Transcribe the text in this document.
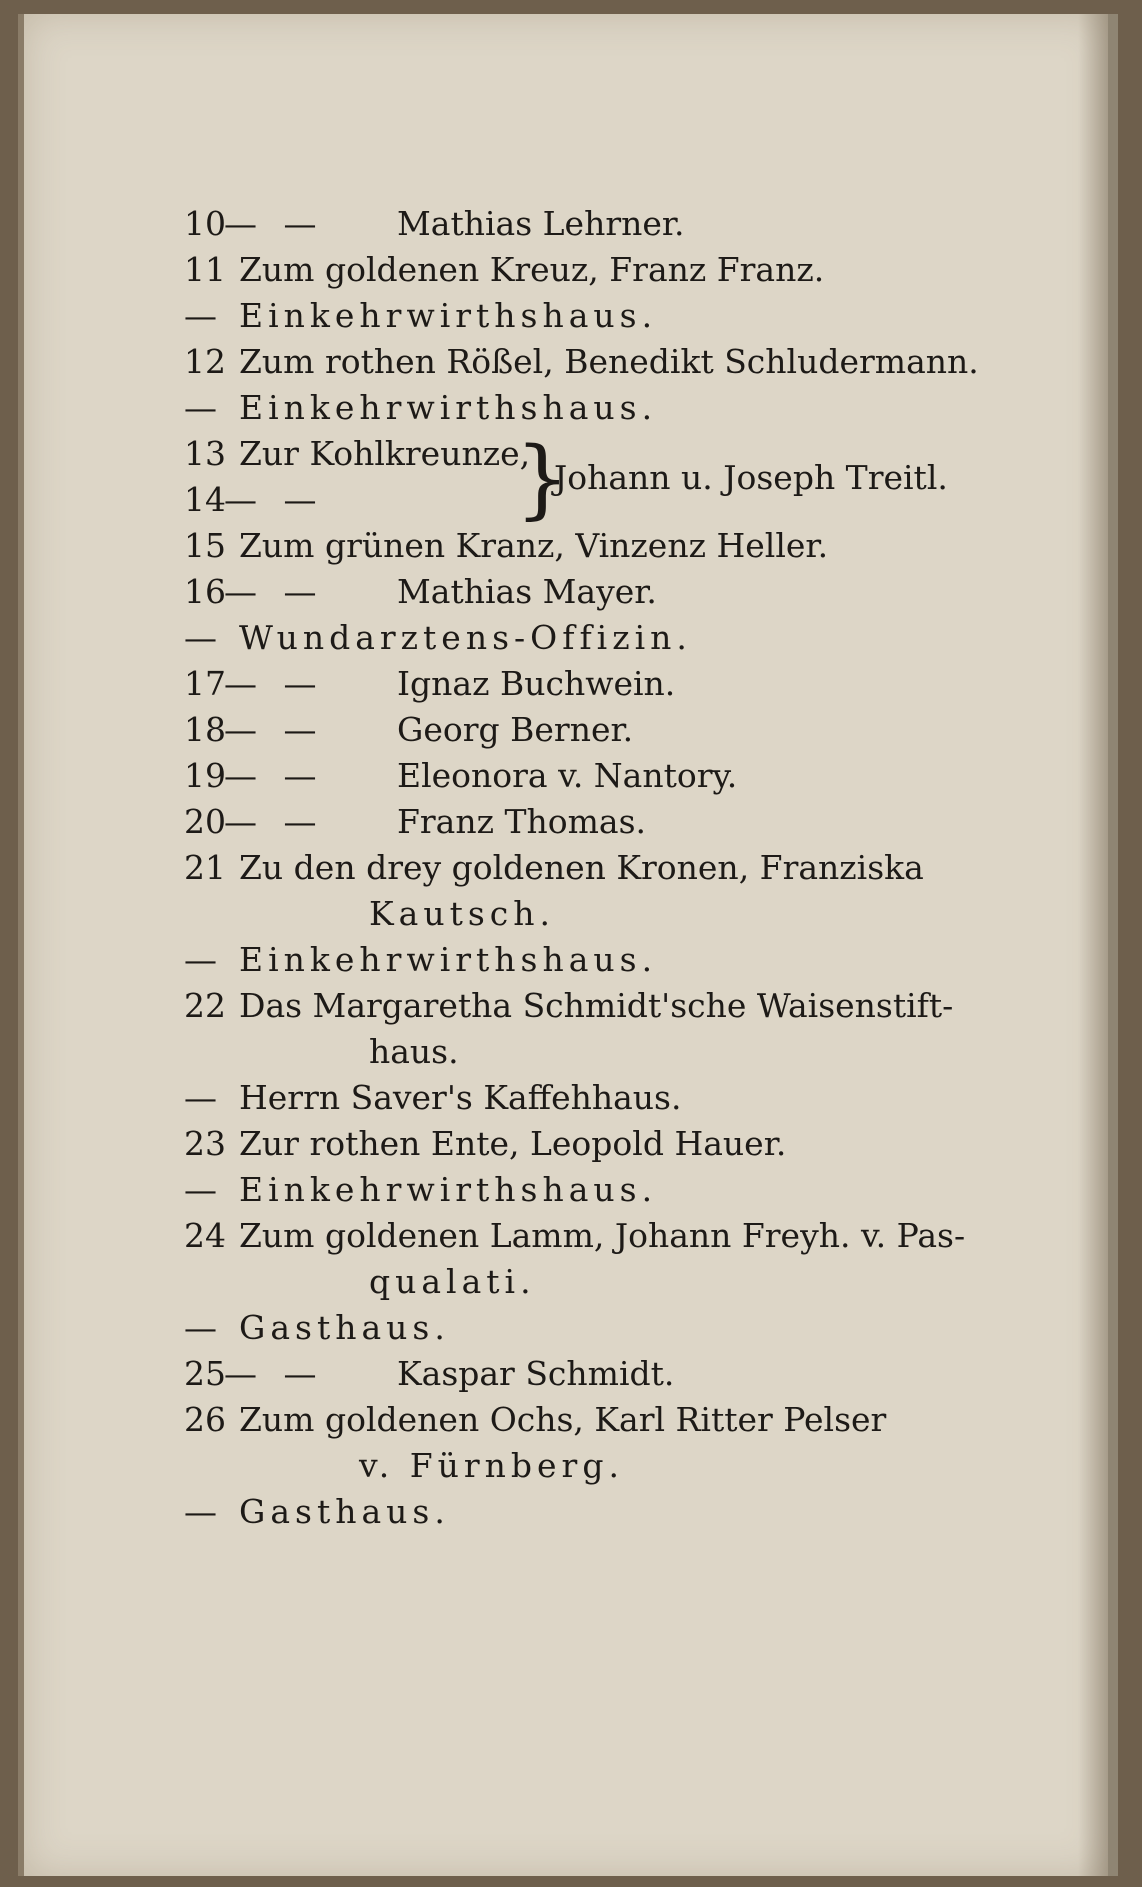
10
— — Mathias Lehrner.
11 Zum goldenen Kreuz, Franz Franz.
— Einkehrwirthshaus.
12 Zum rothen Rößel, Benedikt Schludermann.
— Einkehrwirthshaus.
13 Zur Kohlkreunze,
14
— — }
Johann u. Joseph Treitl.
15 Zum grünen Kranz, Vinzenz Heller.
16
— — Mathias Mayer.
— Wundarztens-Offizin.
17
— — Ignaz Buchwein.
18
— — Georg Berner.
19
— — Eleonora v. Nantory.
20
— — Franz Thomas.
21 Zu den drey goldenen Kronen, Franziska
Kautsch.
— Einkehrwirthshaus.
22 Das Margaretha Schmidt'sche Waisenstift-
haus.
— Herrn Saver's Kaffehhaus.
23 Zur rothen Ente, Leopold Hauer.
— Einkehrwirthshaus.
24 Zum goldenen Lamm, Johann Freyh. v. Pas-
qualati.
— Gasthaus.
25
— — Kaspar Schmidt.
26 Zum goldenen Ochs, Karl Ritter Pelser
v. Fürnberg.
— Gasthaus.
